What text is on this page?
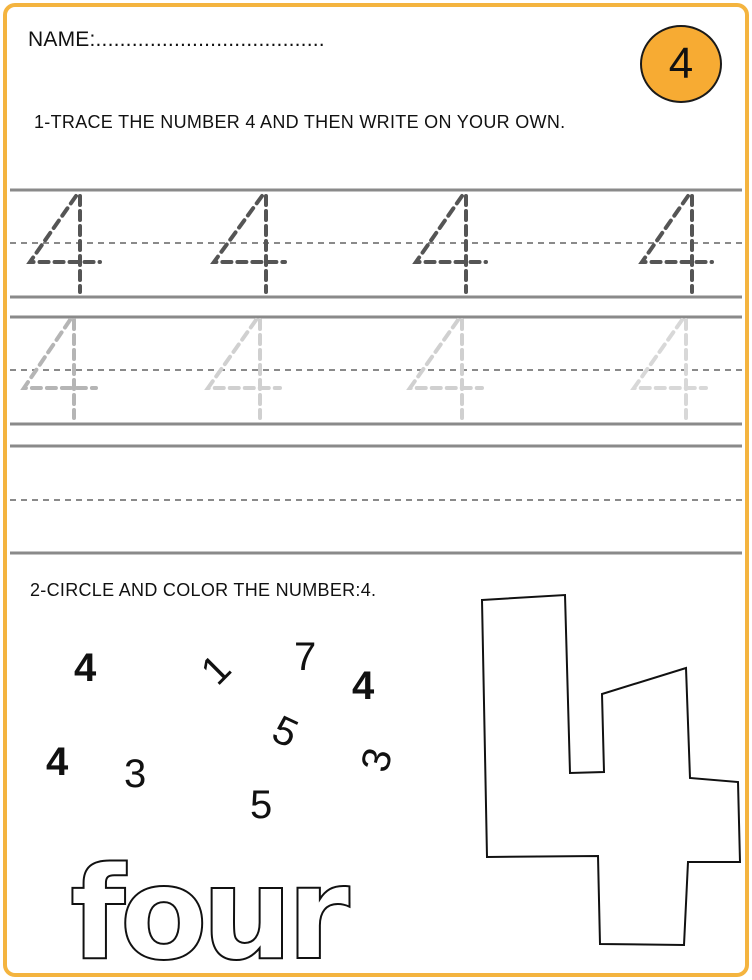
NAME:......................................	4
1-TRACE THE NUMBER 4 AND THEN WRITE ON YOUR OWN.
2-CIRCLE AND COLOR THE NUMBER:4.
4 1 7
4
5
4 3	3
5
four
